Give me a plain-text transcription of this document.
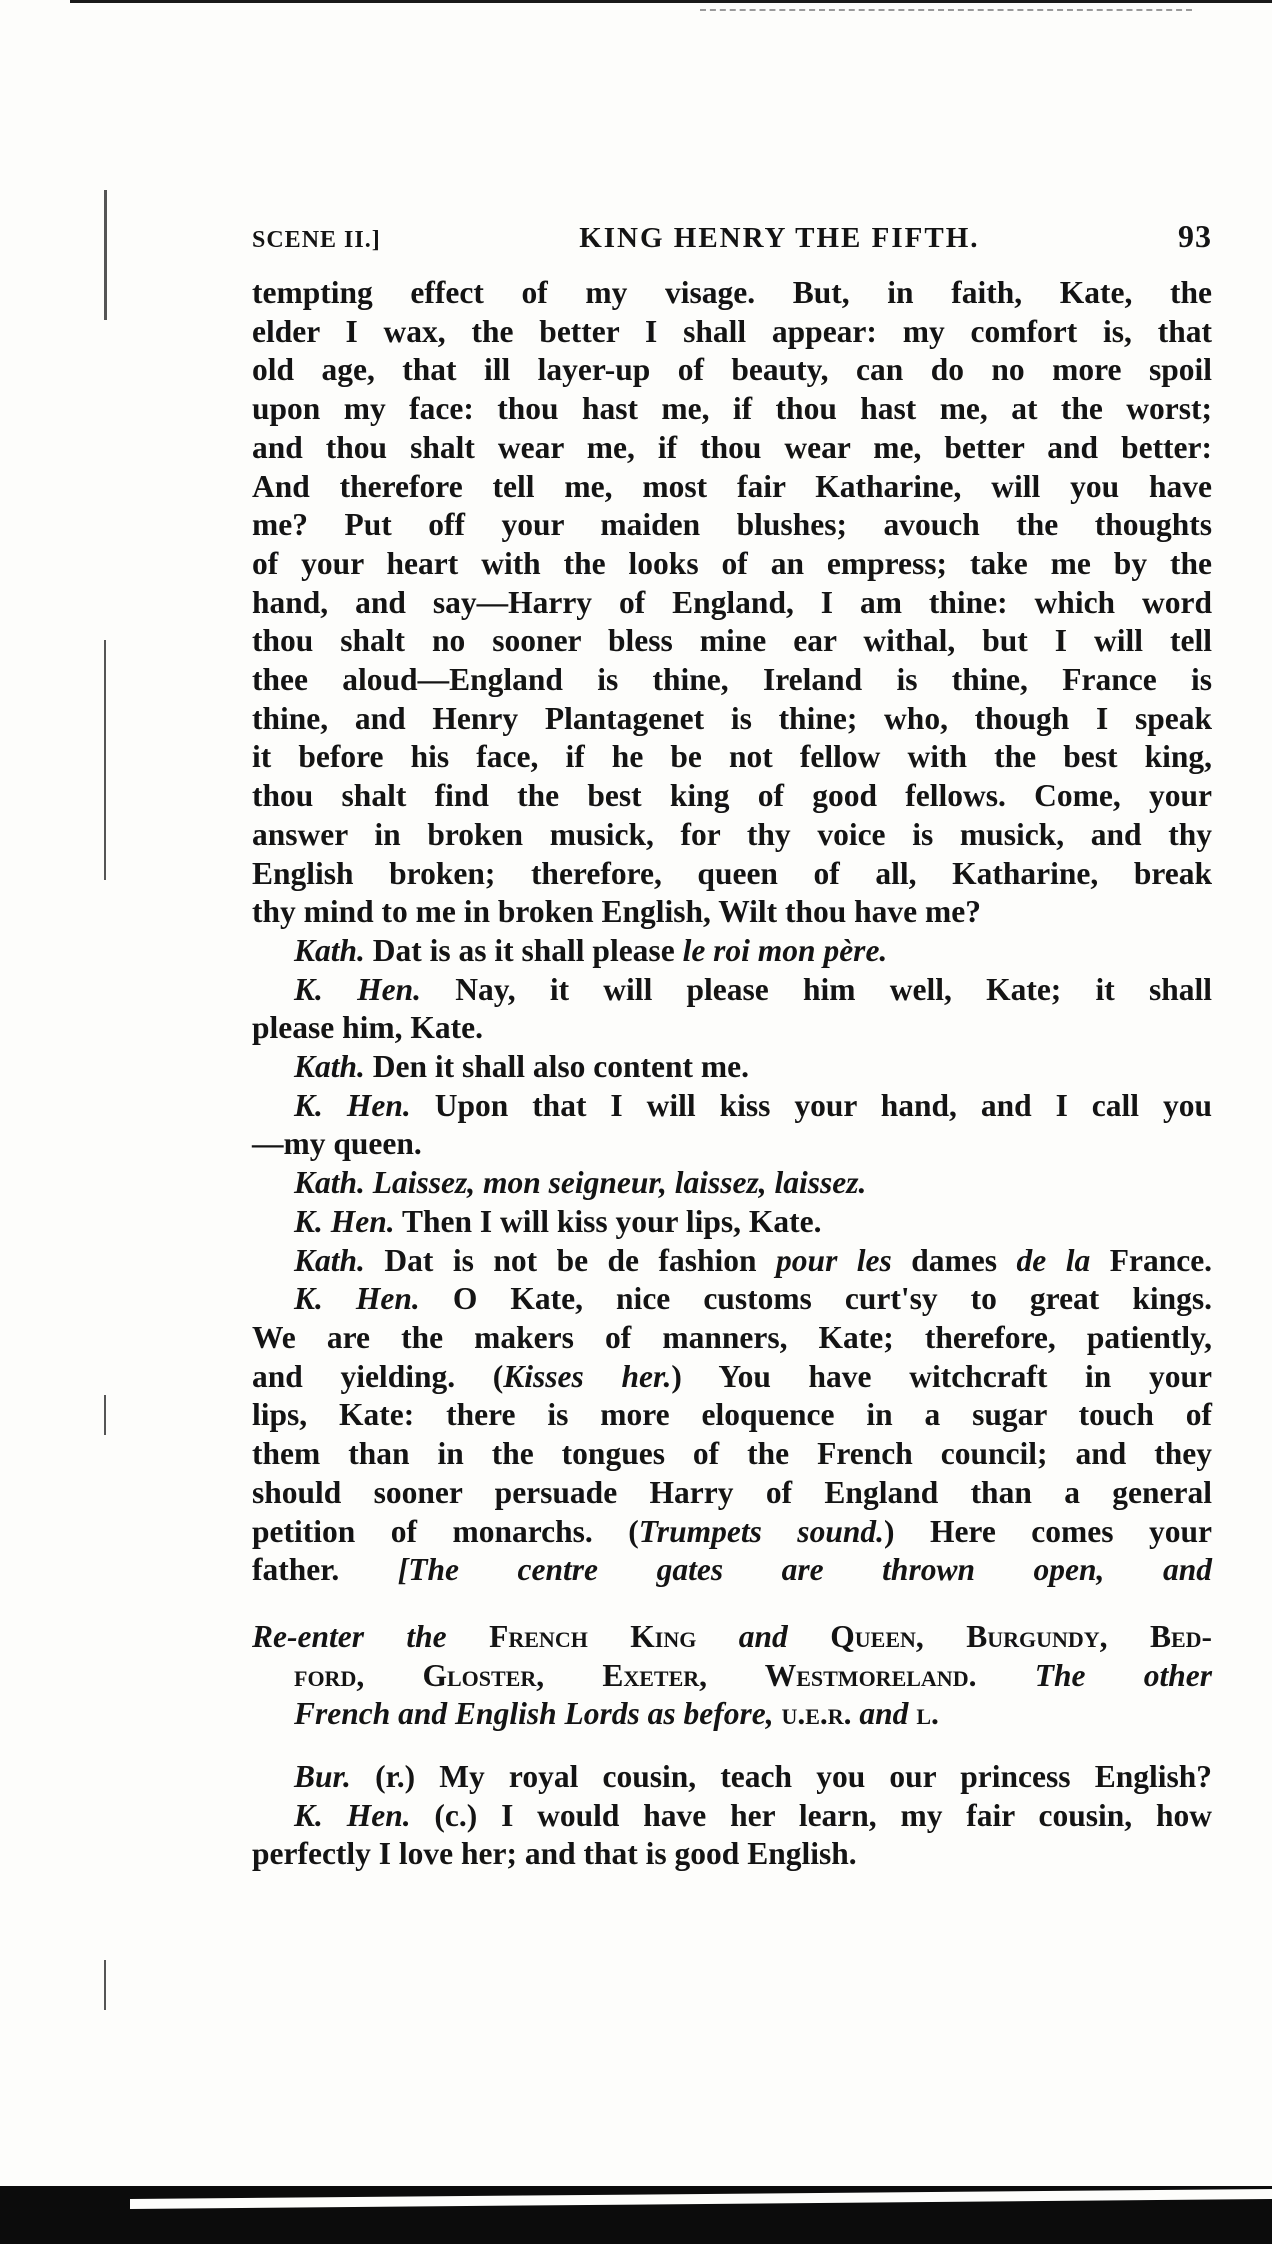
SCENE II.]	KING HENRY THE FIFTH.	93
tempting effect of my visage. But, in faith, Kate, the
elder I wax, the better I shall appear: my comfort is, that
old age, that ill layer-up of beauty, can do no more spoil
upon my face: thou hast me, if thou hast me, at the worst;
and thou shalt wear me, if thou wear me, better and better:
And therefore tell me, most fair Katharine, will you have
me? Put off your maiden blushes; avouch the thoughts
of your heart with the looks of an empress; take me by the
hand, and say—Harry of England, I am thine: which word
thou shalt no sooner bless mine ear withal, but I will tell
thee aloud—England is thine, Ireland is thine, France is
thine, and Henry Plantagenet is thine; who, though I speak
it before his face, if he be not fellow with the best king,
thou shalt find the best king of good fellows. Come, your
answer in broken musick, for thy voice is musick, and thy
English broken; therefore, queen of all, Katharine, break
thy mind to me in broken English, Wilt thou have me?
Kath. Dat is as it shall please le roi mon père.
K. Hen. Nay, it will please him well, Kate; it shall
please him, Kate.
Kath. Den it shall also content me.
K. Hen. Upon that I will kiss your hand, and I call you
—my queen.
Kath. Laissez, mon seigneur, laissez, laissez.
K. Hen. Then I will kiss your lips, Kate.
Kath. Dat is not be de fashion pour les dames de la France.
K. Hen. O Kate, nice customs curt'sy to great kings.
We are the makers of manners, Kate; therefore, patiently,
and yielding. (Kisses her.) You have witchcraft in your
lips, Kate: there is more eloquence in a sugar touch of
them than in the tongues of the French council; and they
should sooner persuade Harry of England than a general
petition of monarchs. (Trumpets sound.) Here comes your
father. [The centre gates are thrown open, and
Re-enter the French King and Queen, Burgundy, Bed-
ford, Gloster, Exeter, Westmoreland. The other
French and English Lords as before, u.e.r. and l.
Bur. (r.) My royal cousin, teach you our princess English?
K. Hen. (c.) I would have her learn, my fair cousin, how
perfectly I love her; and that is good English.
